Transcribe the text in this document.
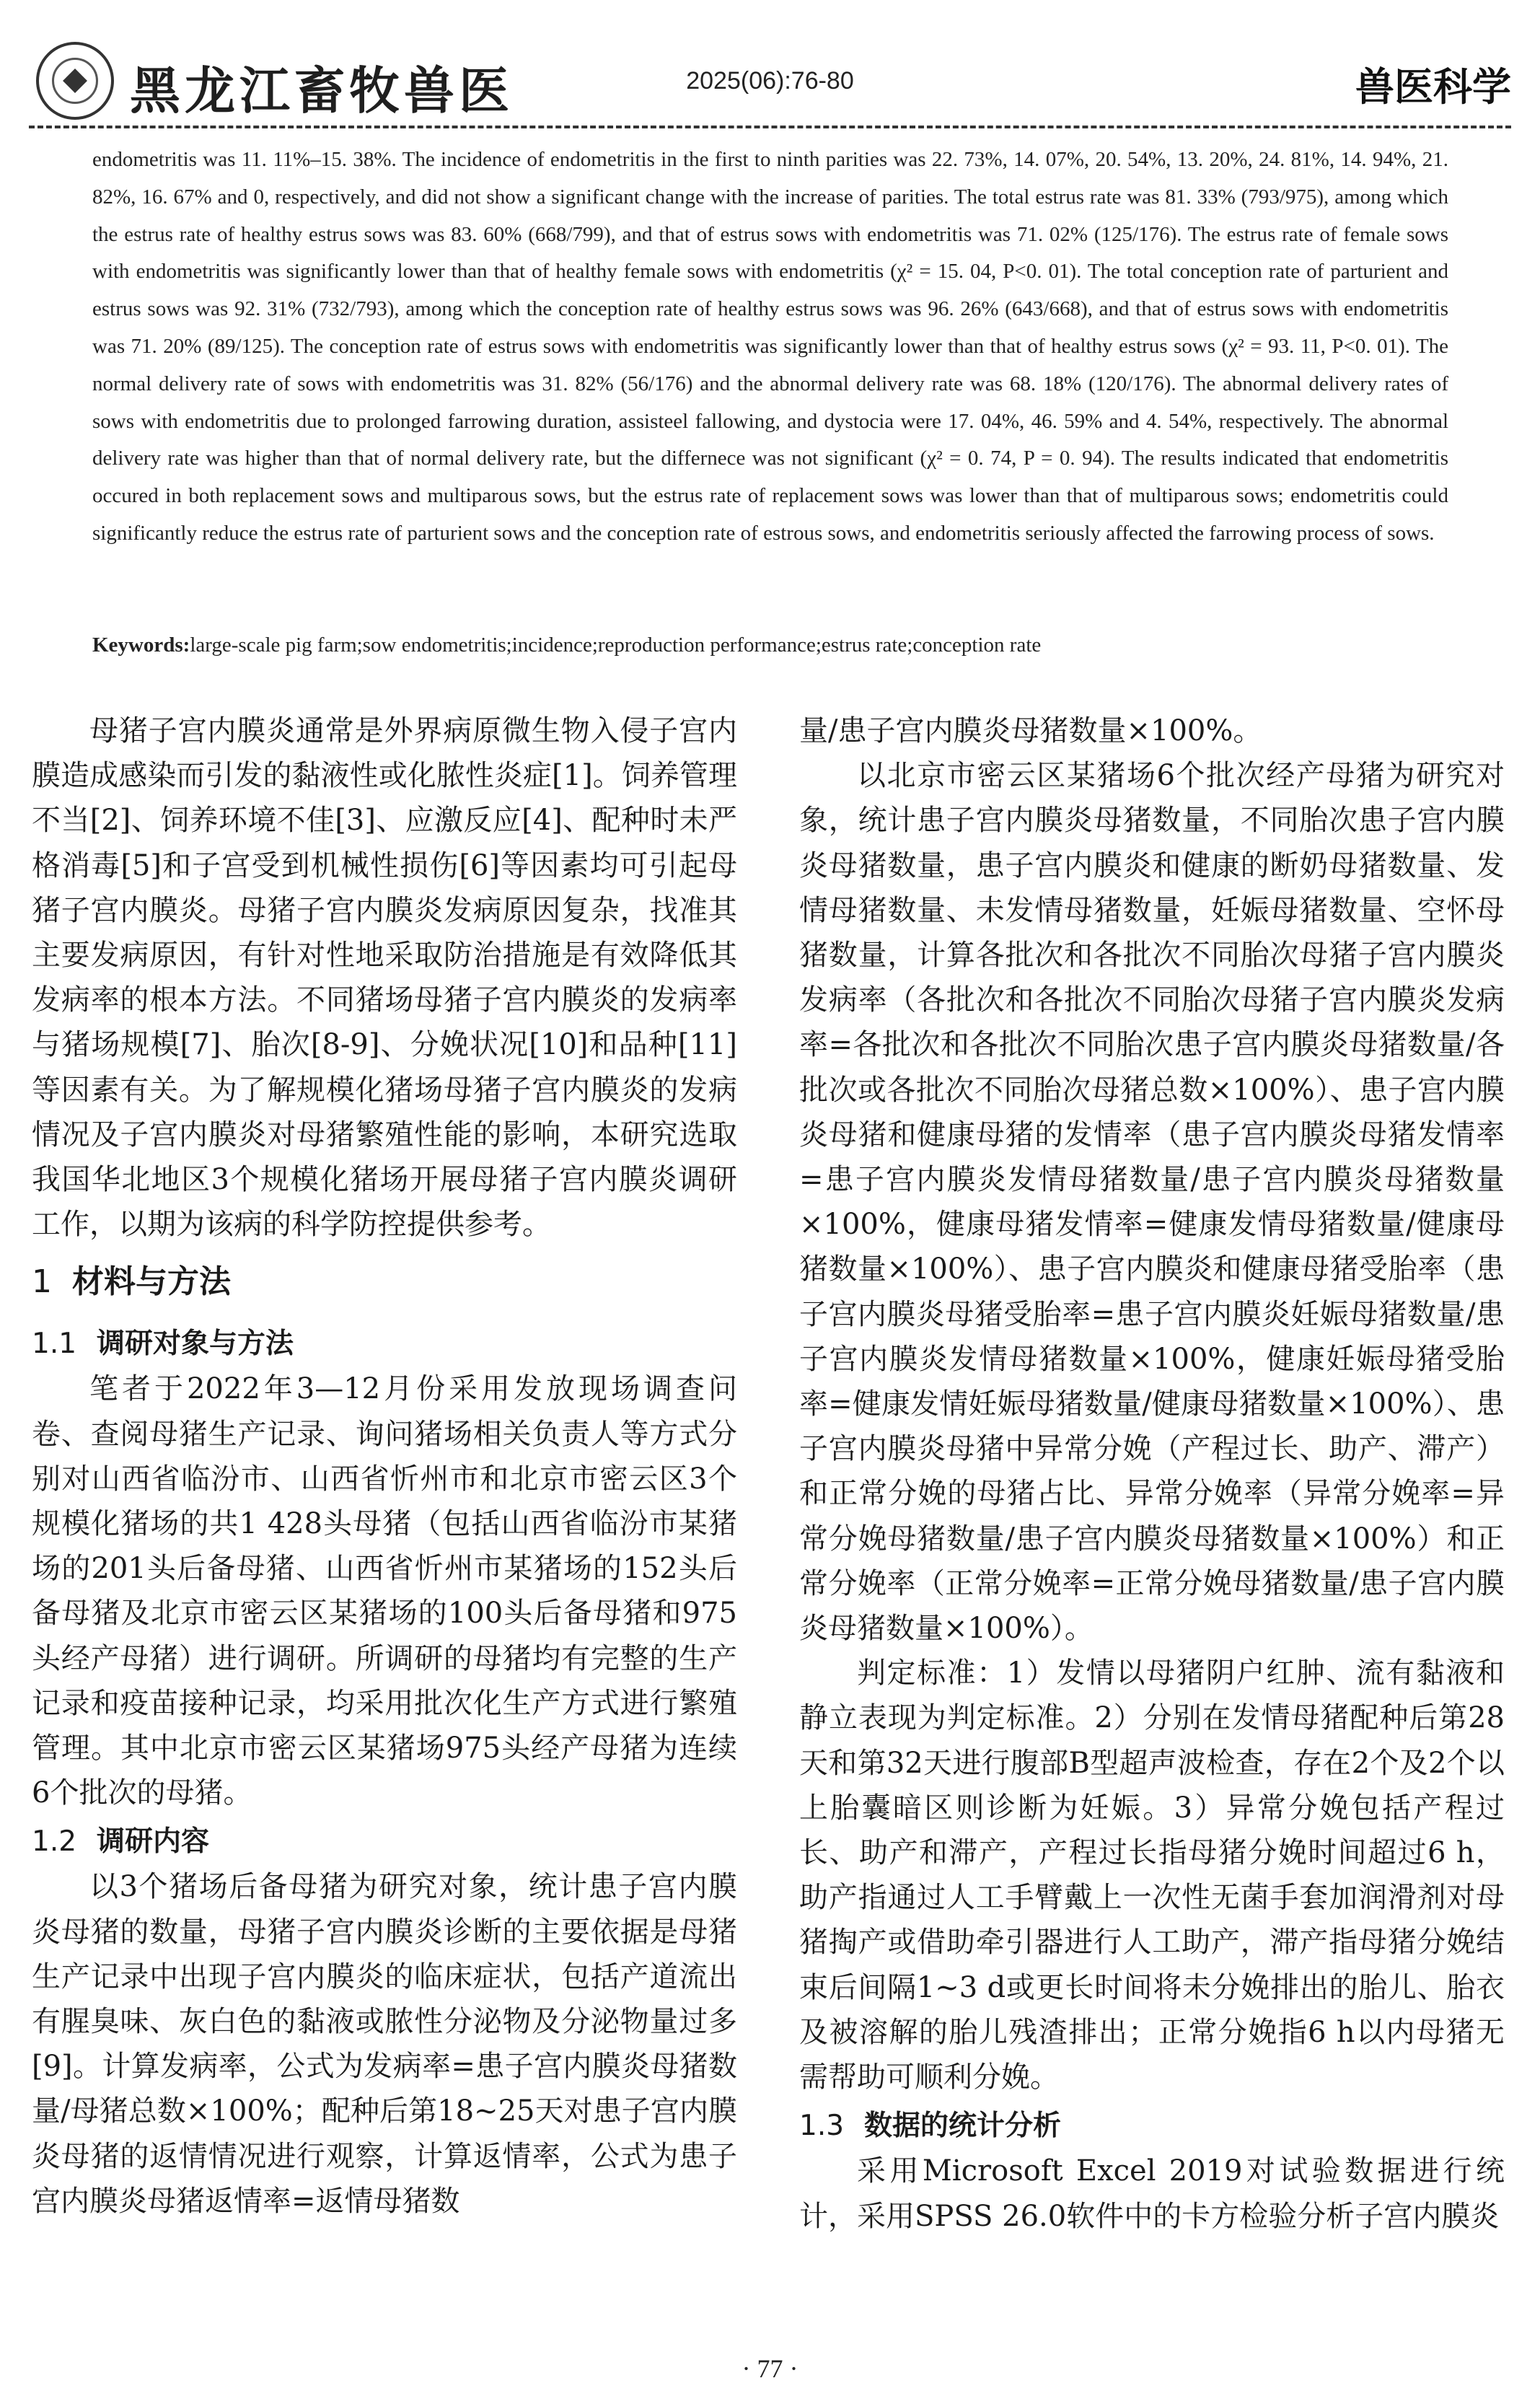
黑龙江畜牧兽医	2025(06):76-80	兽医科学

endometritis was 11. 11%–15. 38%. The incidence of endometritis in the first to ninth parities was 22. 73%, 14. 07%, 20. 54%, 13. 20%, 24. 81%, 14. 94%, 21. 82%, 16. 67% and 0, respectively, and did not show a significant change with the increase of parities. The total estrus rate was 81. 33% (793/975), among which the estrus rate of healthy estrus sows was 83. 60% (668/799), and that of estrus sows with endometritis was 71. 02% (125/176). The estrus rate of female sows with endometritis was significantly lower than that of healthy female sows with endometritis (χ² = 15. 04, P<0. 01). The total conception rate of parturient and estrus sows was 92. 31% (732/793), among which the conception rate of healthy estrus sows was 96. 26% (643/668), and that of estrus sows with endometritis was 71. 20% (89/125). The conception rate of estrus sows with endometritis was significantly lower than that of healthy estrus sows (χ² = 93. 11, P<0. 01). The normal delivery rate of sows with endometritis was 31. 82% (56/176) and the abnormal delivery rate was 68. 18% (120/176). The abnormal delivery rates of sows with endometritis due to prolonged farrowing duration, assisteel fallowing, and dystocia were 17. 04%, 46. 59% and 4. 54%, respectively. The abnormal delivery rate was higher than that of normal delivery rate, but the differnece was not significant (χ² = 0. 74, P = 0. 94). The results indicated that endometritis occured in both replacement sows and multiparous sows, but the estrus rate of replacement sows was lower than that of multiparous sows; endometritis could significantly reduce the estrus rate of parturient sows and the conception rate of estrous sows, and endometritis seriously affected the farrowing process of sows.

Keywords:large-scale pig farm;sow endometritis;incidence;reproduction performance;estrus rate;conception rate

母猪子宫内膜炎通常是外界病原微生物入侵子宫内膜造成感染而引发的黏液性或化脓性炎症[1]。饲养管理不当[2]、饲养环境不佳[3]、应激反应[4]、配种时未严格消毒[5]和子宫受到机械性损伤[6]等因素均可引起母猪子宫内膜炎。母猪子宫内膜炎发病原因复杂，找准其主要发病原因，有针对性地采取防治措施是有效降低其发病率的根本方法。不同猪场母猪子宫内膜炎的发病率与猪场规模[7]、胎次[8-9]、分娩状况[10]和品种[11]等因素有关。为了解规模化猪场母猪子宫内膜炎的发病情况及子宫内膜炎对母猪繁殖性能的影响，本研究选取我国华北地区3个规模化猪场开展母猪子宫内膜炎调研工作，以期为该病的科学防控提供参考。

1 材料与方法
1.1 调研对象与方法

笔者于2022年3—12月份采用发放现场调查问卷、查阅母猪生产记录、询问猪场相关负责人等方式分别对山西省临汾市、山西省忻州市和北京市密云区3个规模化猪场的共1 428头母猪（包括山西省临汾市某猪场的201头后备母猪、山西省忻州市某猪场的152头后备母猪及北京市密云区某猪场的100头后备母猪和975头经产母猪）进行调研。所调研的母猪均有完整的生产记录和疫苗接种记录，均采用批次化生产方式进行繁殖管理。其中北京市密云区某猪场975头经产母猪为连续6个批次的母猪。

1.2 调研内容

以3个猪场后备母猪为研究对象，统计患子宫内膜炎母猪的数量，母猪子宫内膜炎诊断的主要依据是母猪生产记录中出现子宫内膜炎的临床症状，包括产道流出有腥臭味、灰白色的黏液或脓性分泌物及分泌物量过多[9]。计算发病率，公式为发病率=患子宫内膜炎母猪数量/母猪总数×100%；配种后第18~25天对患子宫内膜炎母猪的返情情况进行观察，计算返情率，公式为患子宫内膜炎母猪返情率=返情母猪数

量/患子宫内膜炎母猪数量×100%。

以北京市密云区某猪场6个批次经产母猪为研究对象，统计患子宫内膜炎母猪数量，不同胎次患子宫内膜炎母猪数量，患子宫内膜炎和健康的断奶母猪数量、发情母猪数量、未发情母猪数量，妊娠母猪数量、空怀母猪数量，计算各批次和各批次不同胎次母猪子宫内膜炎发病率（各批次和各批次不同胎次母猪子宫内膜炎发病率=各批次和各批次不同胎次患子宫内膜炎母猪数量/各批次或各批次不同胎次母猪总数×100%）、患子宫内膜炎母猪和健康母猪的发情率（患子宫内膜炎母猪发情率=患子宫内膜炎发情母猪数量/患子宫内膜炎母猪数量×100%，健康母猪发情率=健康发情母猪数量/健康母猪数量×100%）、患子宫内膜炎和健康母猪受胎率（患子宫内膜炎母猪受胎率=患子宫内膜炎妊娠母猪数量/患子宫内膜炎发情母猪数量×100%，健康妊娠母猪受胎率=健康发情妊娠母猪数量/健康母猪数量×100%）、患子宫内膜炎母猪中异常分娩（产程过长、助产、滞产）和正常分娩的母猪占比、异常分娩率（异常分娩率=异常分娩母猪数量/患子宫内膜炎母猪数量×100%）和正常分娩率（正常分娩率=正常分娩母猪数量/患子宫内膜炎母猪数量×100%）。

判定标准：1）发情以母猪阴户红肿、流有黏液和静立表现为判定标准。2）分别在发情母猪配种后第28天和第32天进行腹部B型超声波检查，存在2个及2个以上胎囊暗区则诊断为妊娠。3）异常分娩包括产程过长、助产和滞产，产程过长指母猪分娩时间超过6 h，助产指通过人工手臂戴上一次性无菌手套加润滑剂对母猪掏产或借助牵引器进行人工助产，滞产指母猪分娩结束后间隔1~3 d或更长时间将未分娩排出的胎儿、胎衣及被溶解的胎儿残渣排出；正常分娩指6 h以内母猪无需帮助可顺利分娩。

1.3 数据的统计分析

采用Microsoft Excel 2019对试验数据进行统计，采用SPSS 26.0软件中的卡方检验分析子宫内膜炎

· 77 ·
